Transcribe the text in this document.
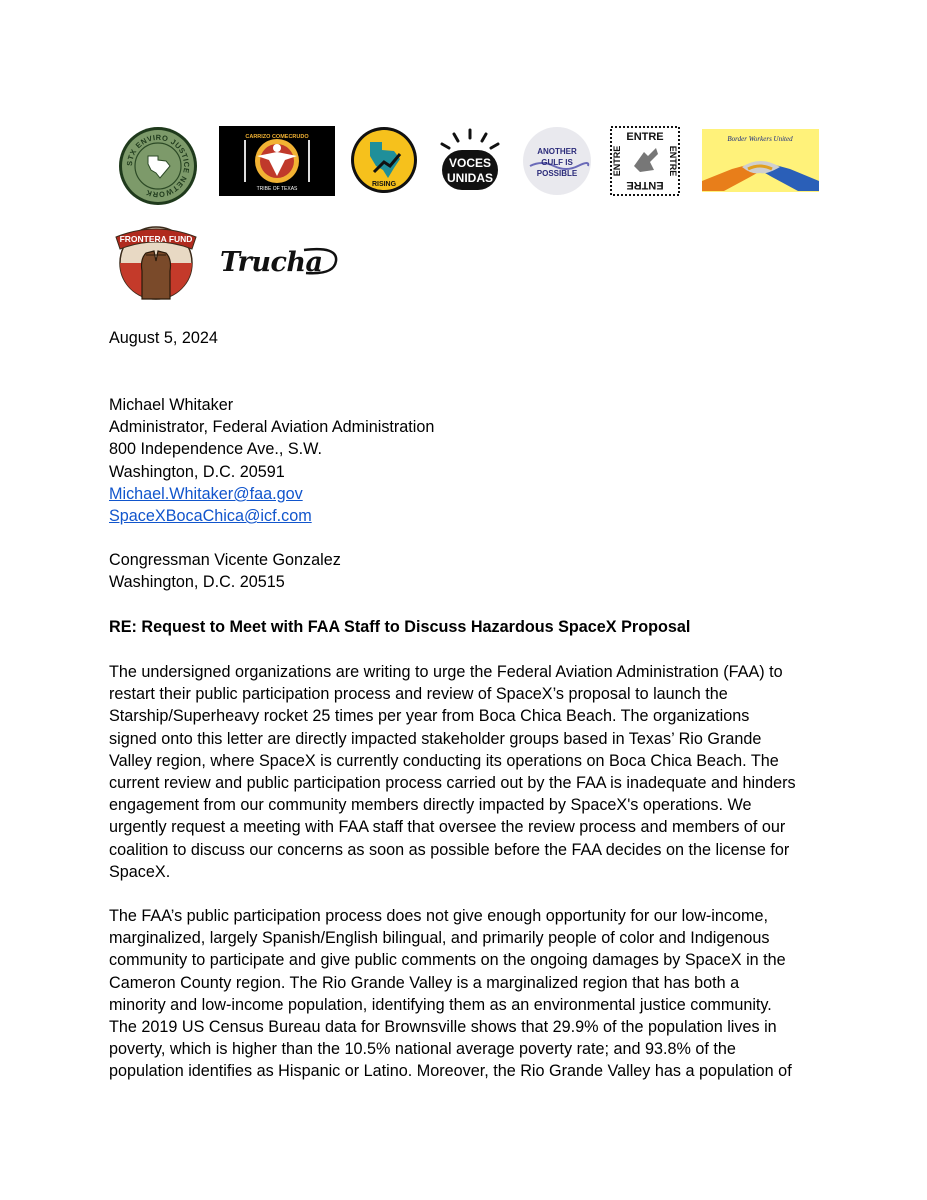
STX ENVIRO JUSTICE NETWORK
CARRIZO COMECRUDO
TRIBE OF TEXAS
RISING
VOCES
UNIDAS
ANOTHER
GULF IS
POSSIBLE
ENTRE
ENTRE
ENTRE	ENTRE
Border Workers United
FRONTERA FUND
Trucha
August 5, 2024
Michael Whitaker
Administrator, Federal Aviation Administration
800 Independence Ave., S.W.
Washington, D.C. 20591
Michael.Whitaker@faa.gov
SpaceXBocaChica@icf.com
Congressman Vicente Gonzalez
Washington, D.C. 20515
RE: Request to Meet with FAA Staff to Discuss Hazardous SpaceX Proposal
The undersigned organizations are writing to urge the Federal Aviation Administration (FAA) to
restart their public participation process and review of SpaceX’s proposal to launch the
Starship/Superheavy rocket 25 times per year from Boca Chica Beach. The organizations
signed onto this letter are directly impacted stakeholder groups based in Texas’ Rio Grande
Valley region, where SpaceX is currently conducting its operations on Boca Chica Beach. The
current review and public participation process carried out by the FAA is inadequate and hinders
engagement from our community members directly impacted by SpaceX's operations. We
urgently request a meeting with FAA staff that oversee the review process and members of our
coalition to discuss our concerns as soon as possible before the FAA decides on the license for
SpaceX.
The FAA’s public participation process does not give enough opportunity for our low-income,
marginalized, largely Spanish/English bilingual, and primarily people of color and Indigenous
community to participate and give public comments on the ongoing damages by SpaceX in the
Cameron County region. The Rio Grande Valley is a marginalized region that has both a
minority and low-income population, identifying them as an environmental justice community.
The 2019 US Census Bureau data for Brownsville shows that 29.9% of the population lives in
poverty, which is higher than the 10.5% national average poverty rate; and 93.8% of the
population identifies as Hispanic or Latino. Moreover, the Rio Grande Valley has a population of
